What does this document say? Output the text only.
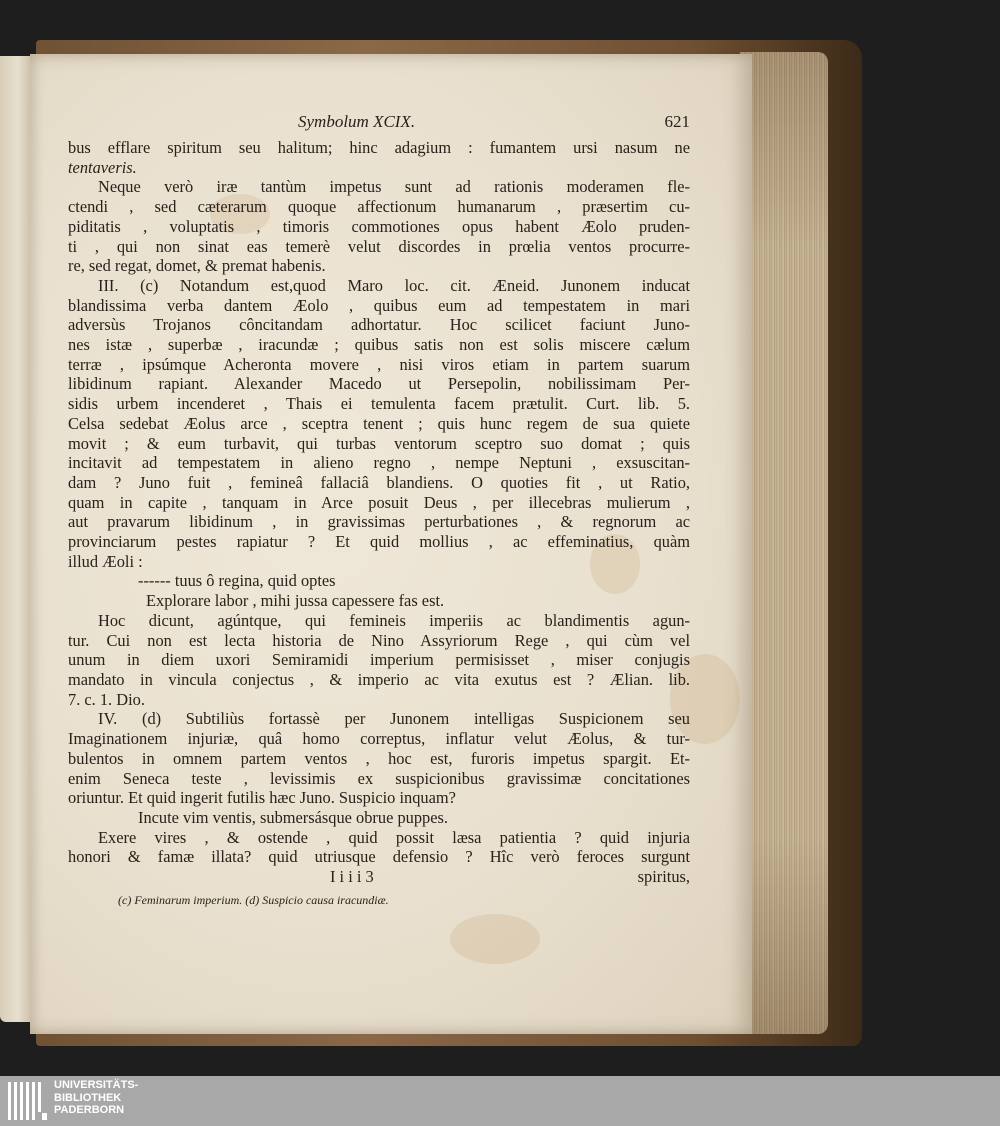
Symbolum XCIX.	621
bus efflare spiritum seu halitum; hinc adagium : fumantem ursi nasum ne
tentaveris.
Neque verò iræ tantùm impetus sunt ad rationis moderamen fle-
ctendi , sed cæterarum quoque affectionum humanarum , præsertim cu-
piditatis , voluptatis , timoris commotiones opus habent Æolo pruden-
ti , qui non sinat eas temerè velut discordes in prœlia ventos procurre-
re, sed regat, domet, & premat habenis.
III. (c) Notandum est,quod Maro loc. cit. Æneid. Junonem inducat
blandissima verba dantem Æolo , quibus eum ad tempestatem in mari
adversùs Trojanos côncitandam adhortatur. Hoc scilicet faciunt Juno-
nes istæ , superbæ , iracundæ ; quibus satis non est solis miscere cælum
terræ , ipsúmque Acheronta movere , nisi viros etiam in partem suarum
libidinum rapiant. Alexander Macedo ut Persepolin, nobilissimam Per-
sidis urbem incenderet , Thais ei temulenta facem prætulit. Curt. lib. 5.
Celsa sedebat Æolus arce , sceptra tenent ; quis hunc regem de sua quiete
movit ; & eum turbavit, qui turbas ventorum sceptro suo domat ; quis
incitavit ad tempestatem in alieno regno , nempe Neptuni , exsuscitan-
dam ? Juno fuit , femineâ fallaciâ blandiens. O quoties fit , ut Ratio,
quam in capite , tanquam in Arce posuit Deus , per illecebras mulierum ,
aut pravarum libidinum , in gravissimas perturbationes , & regnorum ac
provinciarum pestes rapiatur ? Et quid mollius , ac effeminatius, quàm
illud Æoli :
------ tuus ô regina, quid optes
Explorare labor , mihi jussa capessere fas est.
Hoc dicunt, agúntque, qui femineis imperiis ac blandimentis agun-
tur. Cui non est lecta historia de Nino Assyriorum Rege , qui cùm vel
unum in diem uxori Semiramidi imperium permisisset , miser conjugis
mandato in vincula conjectus , & imperio ac vita exutus est ? Ælian. lib.
7. c. 1. Dio.
IV. (d) Subtiliùs fortassè per Junonem intelligas Suspicionem seu
Imaginationem injuriæ, quâ homo correptus, inflatur velut Æolus, & tur-
bulentos in omnem partem ventos , hoc est, furoris impetus spargit. Et-
enim Seneca teste , levissimis ex suspicionibus gravissimæ concitationes
oriuntur. Et quid ingerit futilis hæc Juno. Suspicio inquam?
Incute vim ventis, submersásque obrue puppes.
Exere vires , & ostende , quid possit læsa patientia ? quid injuria
honori & famæ illata? quid utriusque defensio ? Hîc verò feroces surgunt
I i i i 3	spiritus,
(c) Feminarum imperium. (d) Suspicio causa iracundiæ.
UNIVERSITÄTS-
BIBLIOTHEK
PADERBORN
